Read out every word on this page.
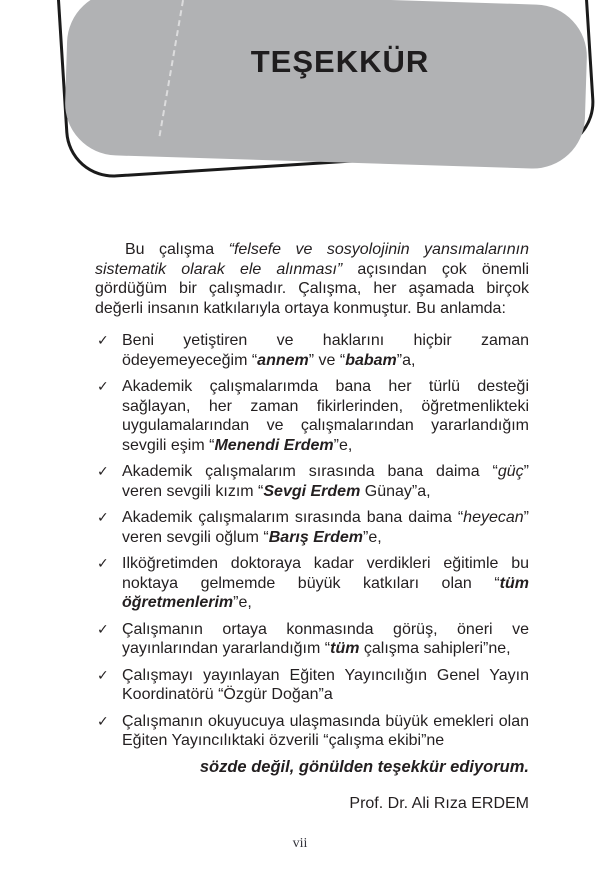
TEŞEKKÜR

Bu çalışma “felsefe ve sosyolojinin yansımalarının sistematik olarak ele alınması” açısından çok önemli gördüğüm bir çalışmadır. Çalışma, her aşamada birçok değerli insanın katkılarıyla ortaya konmuştur. Bu anlamda:

✓ Beni yetiştiren ve haklarını hiçbir zaman ödeyemeyeceğim “annem” ve “babam”a,
✓ Akademik çalışmalarımda bana her türlü desteği sağlayan, her zaman fikirlerinden, öğretmenlikteki uygulamalarından ve çalışmalarından yararlandığım sevgili eşim “Menendi Erdem”e,
✓ Akademik çalışmalarım sırasında bana daima “güç” veren sevgili kızım “Sevgi Erdem Günay”a,
✓ Akademik çalışmalarım sırasında bana daima “heyecan” veren sevgili oğlum “Barış Erdem”e,
✓ Ilköğretimden doktoraya kadar verdikleri eğitimle bu noktaya gelmemde büyük katkıları olan “tüm öğretmenlerim”e,
✓ Çalışmanın ortaya konmasında görüş, öneri ve yayınlarından yararlandığım “tüm çalışma sahipleri”ne,
✓ Çalışmayı yayınlayan Eğiten Yayıncılığın Genel Yayın Koordinatörü “Özgür Doğan”a
✓ Çalışmanın okuyucuya ulaşmasında büyük emekleri olan Eğiten Yayıncılıktaki özverili “çalışma ekibi”ne

sözde değil, gönülden teşekkür ediyorum.

Prof. Dr. Ali Rıza ERDEM

vii
